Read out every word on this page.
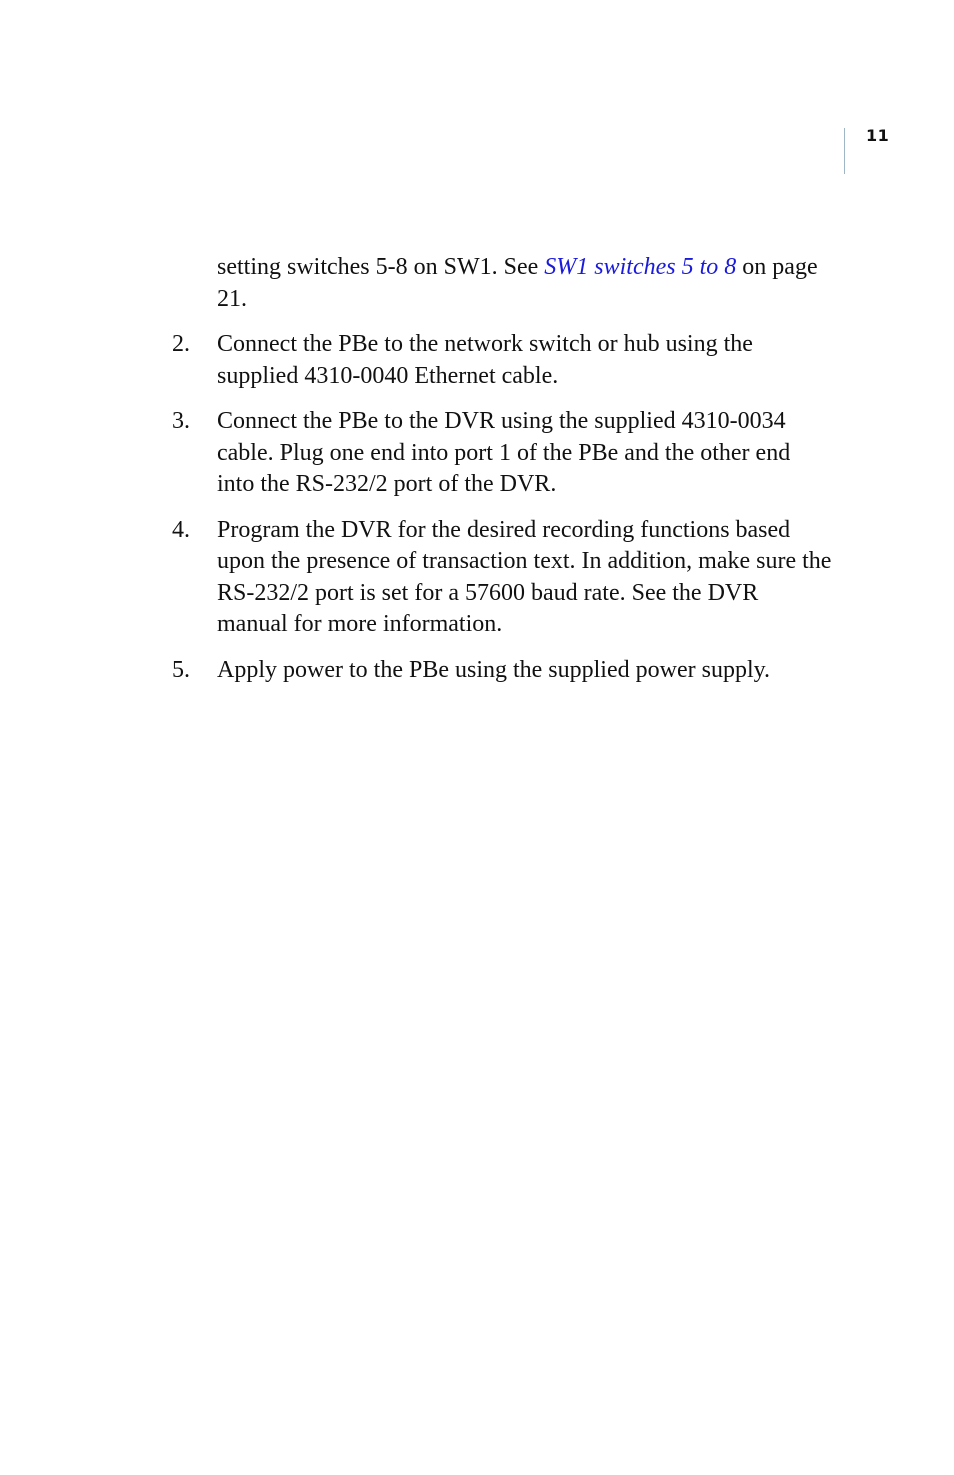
11

setting switches 5-8 on SW1. See SW1 switches 5 to 8 on page 21.

2. Connect the PBe to the network switch or hub using the supplied 4310-0040 Ethernet cable.
3. Connect the PBe to the DVR using the supplied 4310-0034 cable. Plug one end into port 1 of the PBe and the other end into the RS-232/2 port of the DVR.
4. Program the DVR for the desired recording functions based upon the presence of transaction text. In addition, make sure the RS-232/2 port is set for a 57600 baud rate. See the DVR manual for more information.
5. Apply power to the PBe using the supplied power supply.
